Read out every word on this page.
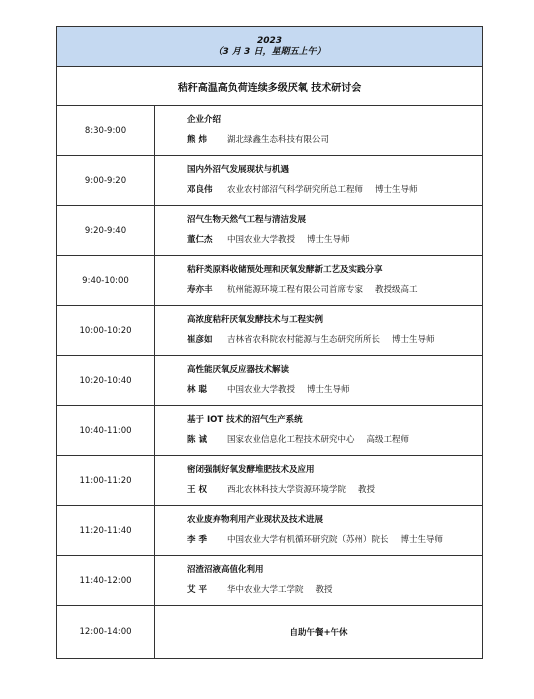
2023
（3 月 3 日，星期五上午）	

秸秆高温高负荷连续多级厌氧 技术研讨会	
8:30-9:00	企业介绍
熊 炜 湖北绿鑫生态科技有限公司

9:00-9:20	国内外沼气发展现状与机遇
邓良伟 农业农村部沼气科学研究所总工程师 博士生导师

9:20-9:40	沼气生物天然气工程与清洁发展
董仁杰 中国农业大学教授 博士生导师

9:40-10:00	秸秆类原料收储预处理和厌氧发酵新工艺及实践分享
寿亦丰 杭州能源环境工程有限公司首席专家 教授级高工

10:00-10:20	高浓度秸秆厌氧发酵技术与工程实例
崔彦如 吉林省农科院农村能源与生态研究所所长 博士生导师

10:20-10:40	高性能厌氧反应器技术解读
林 聪 中国农业大学教授 博士生导师

10:40-11:00	基于 IOT 技术的沼气生产系统
陈 诚 国家农业信息化工程技术研究中心 高级工程师

11:00-11:20	密闭强制好氧发酵堆肥技术及应用
王 权 西北农林科技大学资源环境学院 教授

11:20-11:40	农业废弃物利用产业现状及技术进展
李 季 中国农业大学有机循环研究院（苏州）院长 博士生导师

11:40-12:00	沼渣沼液高值化利用
艾 平 华中农业大学工学院 教授

12:00-14:00	自助午餐+午休
